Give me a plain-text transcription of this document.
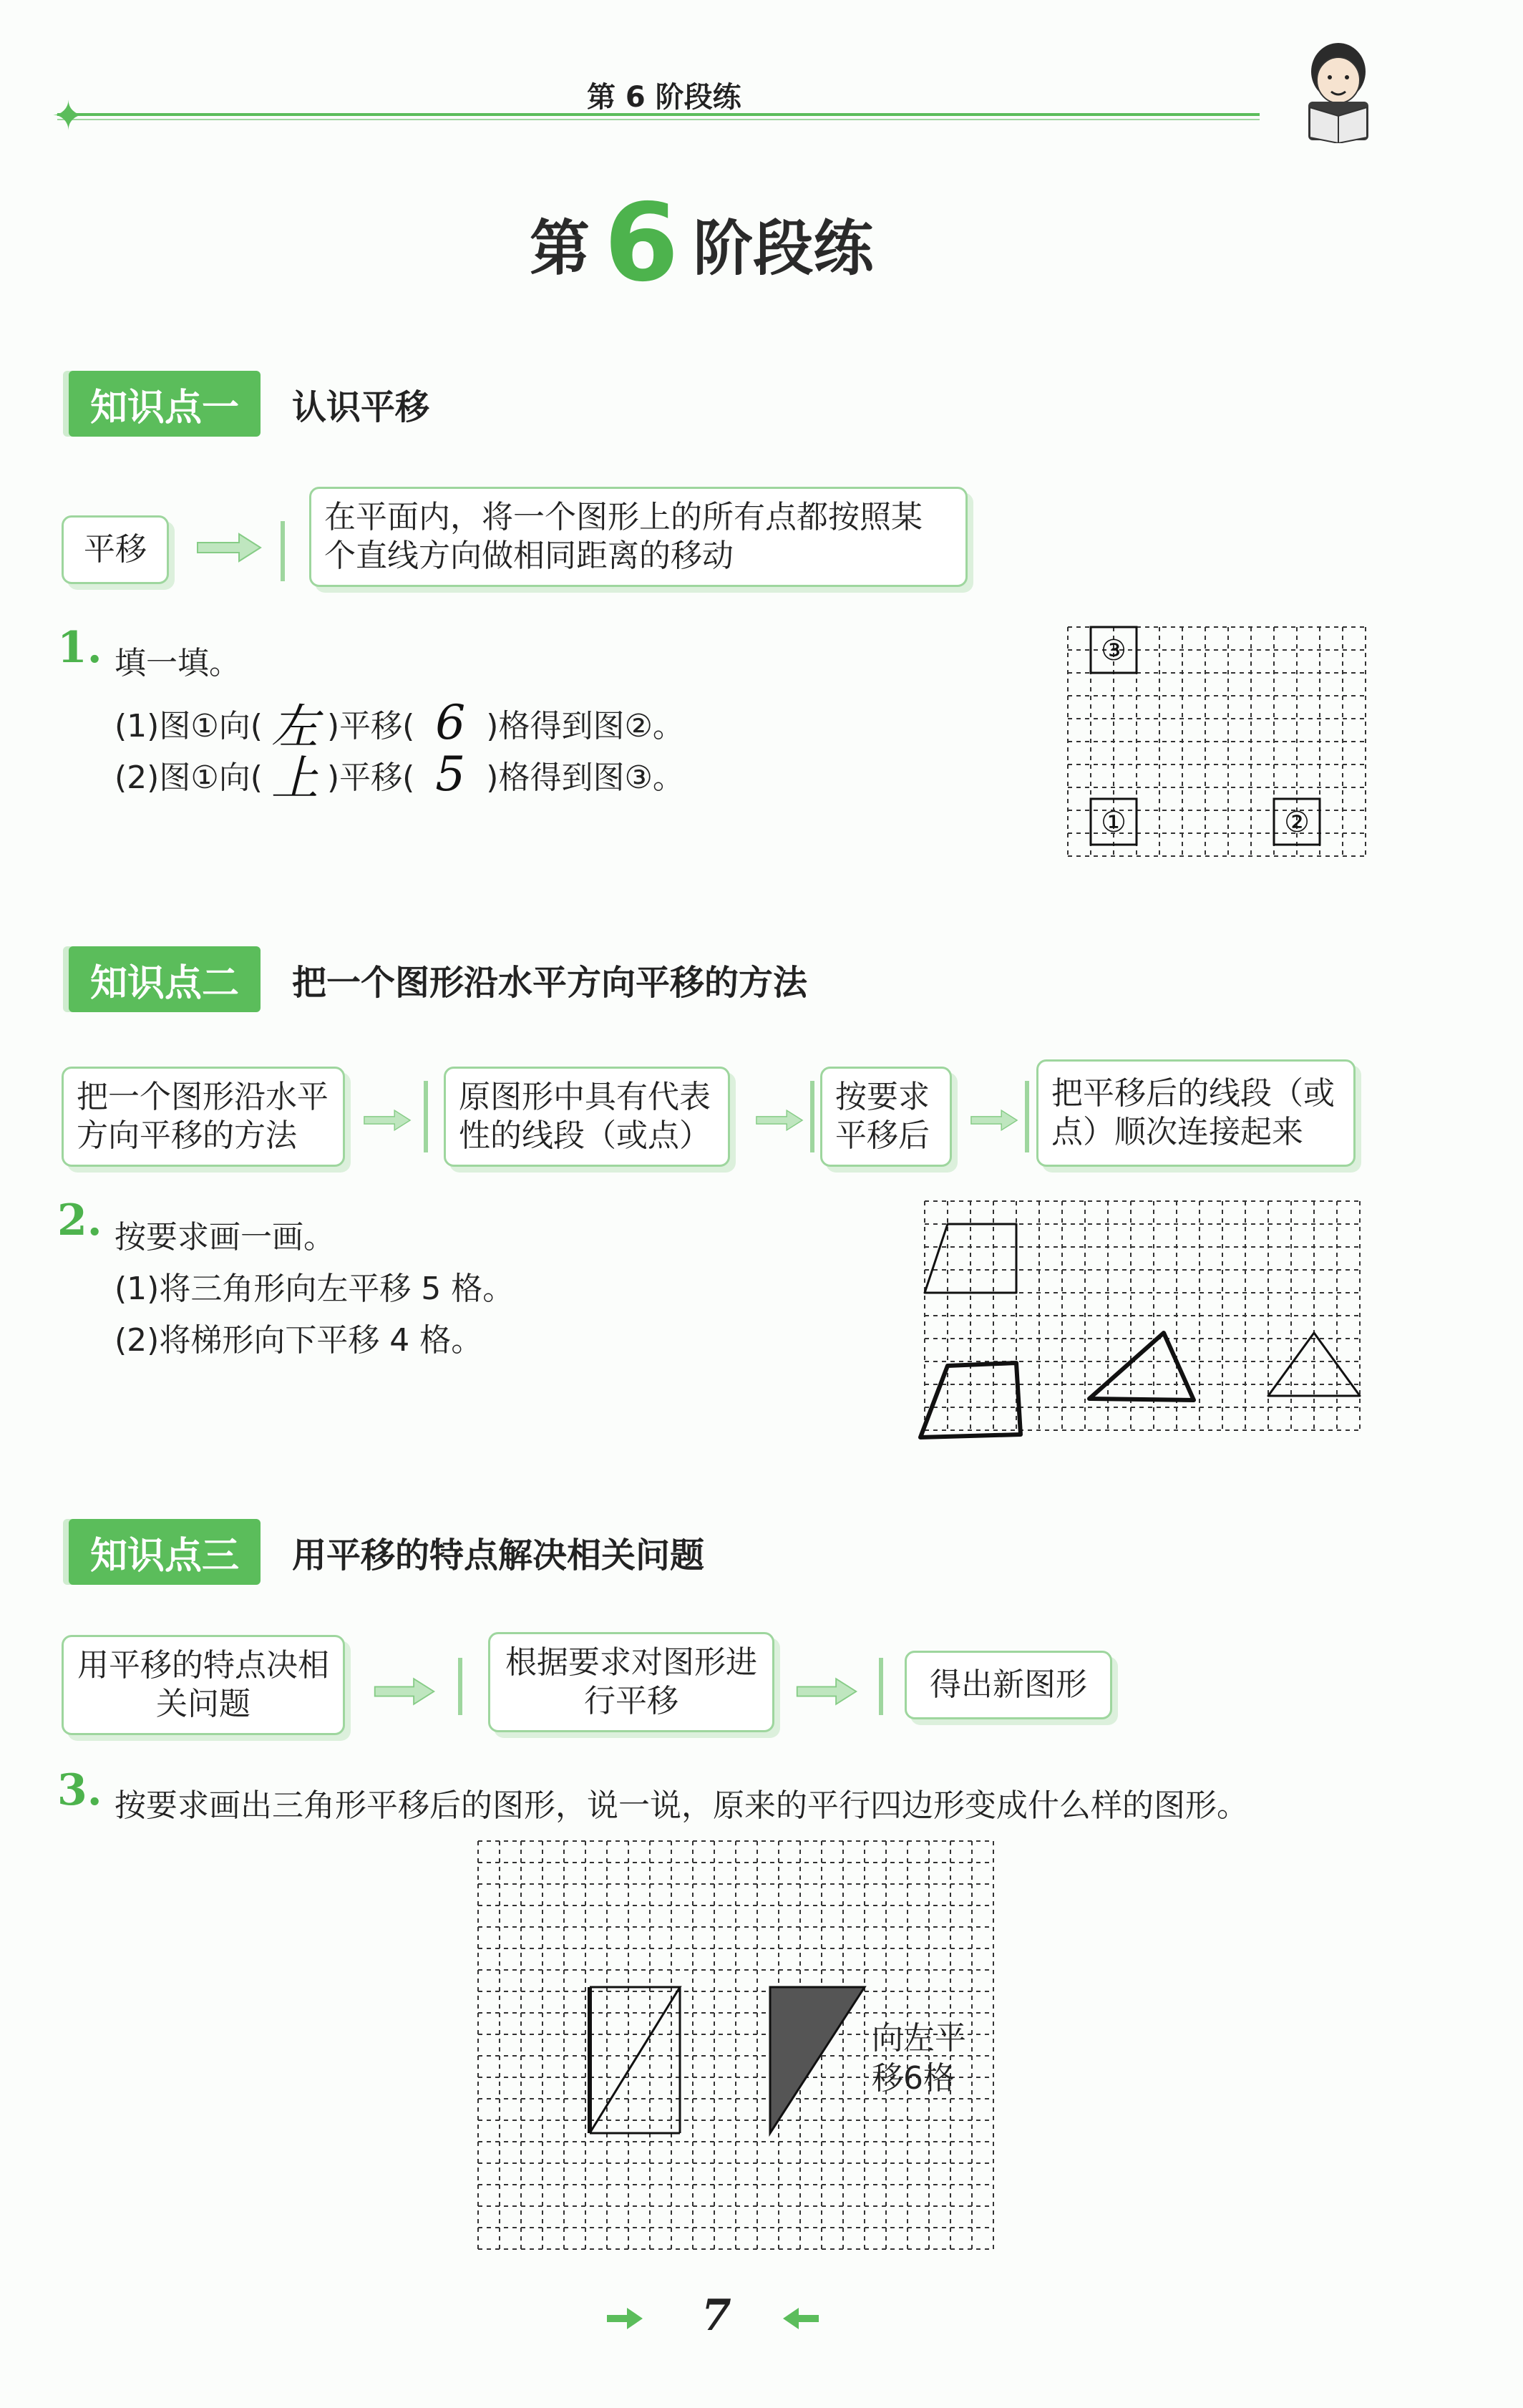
✦	第 6 阶段练
第 6 阶段练
知识点一	认识平移
平移
在平面内，将一个图形上的所有点都按照某个直线方向做相同距离的移动
1. 填一填。
(1)图①向( 左 )平移( 6 )格得到图②。
(2)图①向( 上 )平移( 5 )格得到图③。
③
①	②
知识点二	把一个图形沿水平方向平移的方法
把一个图形沿水平方向平移的方法
原图形中具有代表性的线段（或点）
按要求平移后
把平移后的线段（或点）顺次连接起来
2. 按要求画一画。
(1)将三角形向左平移 5 格。
(2)将梯形向下平移 4 格。
知识点三	用平移的特点解决相关问题
用平移的特点决相关问题
根据要求对图形进行平移	得出新图形
3. 按要求画出三角形平移后的图形，说一说，原来的平行四边形变成什么样的图形。
向左平
移6格
7
